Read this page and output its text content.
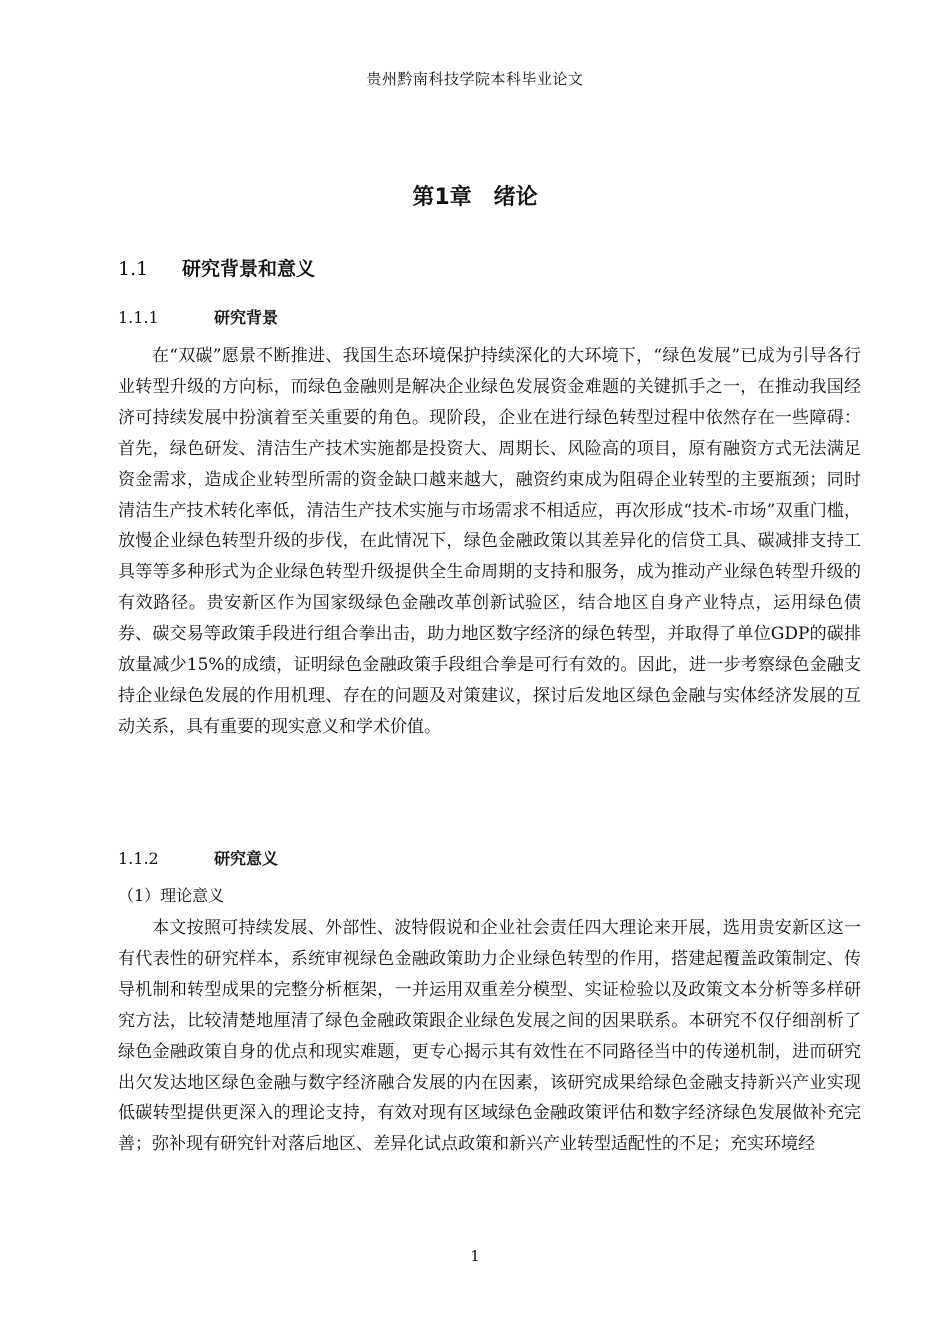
贵州黔南科技学院本科毕业论文
第1章　绪论
1.1 研究背景和意义
1.1.1	研究背景

在“双碳”愿景不断推进、我国生态环境保护持续深化的大环境下，“绿色发展”已成为引导各行业转型升级的方向标，而绿色金融则是解决企业绿色发展资金难题的关键抓手之一，在推动我国经济可持续发展中扮演着至关重要的角色。现阶段，企业在进行绿色转型过程中依然存在一些障碍：首先，绿色研发、清洁生产技术实施都是投资大、周期长、风险高的项目，原有融资方式无法满足资金需求，造成企业转型所需的资金缺口越来越大，融资约束成为阻碍企业转型的主要瓶颈；同时清洁生产技术转化率低，清洁生产技术实施与市场需求不相适应，再次形成“技术-市场”双重门槛，放慢企业绿色转型升级的步伐，在此情况下，绿色金融政策以其差异化的信贷工具、碳减排支持工具等等多种形式为企业绿色转型升级提供全生命周期的支持和服务，成为推动产业绿色转型升级的有效路径。贵安新区作为国家级绿色金融改革创新试验区，结合地区自身产业特点，运用绿色债券、碳交易等政策手段进行组合拳出击，助力地区数字经济的绿色转型，并取得了单位GDP的碳排放量减少15%的成绩，证明绿色金融政策手段组合拳是可行有效的。因此，进一步考察绿色金融支持企业绿色发展的作用机理、存在的问题及对策建议，探讨后发地区绿色金融与实体经济发展的互动关系，具有重要的现实意义和学术价值。

1.1.2	研究意义
（1）理论意义

本文按照可持续发展、外部性、波特假说和企业社会责任四大理论来开展，选用贵安新区这一有代表性的研究样本，系统审视绿色金融政策助力企业绿色转型的作用，搭建起覆盖政策制定、传导机制和转型成果的完整分析框架，一并运用双重差分模型、实证检验以及政策文本分析等多样研究方法，比较清楚地厘清了绿色金融政策跟企业绿色发展之间的因果联系。本研究不仅仔细剖析了绿色金融政策自身的优点和现实难题，更专心揭示其有效性在不同路径当中的传递机制，进而研究出欠发达地区绿色金融与数字经济融合发展的内在因素，该研究成果给绿色金融支持新兴产业实现低碳转型提供更深入的理论支持，有效对现有区域绿色金融政策评估和数字经济绿色发展做补充完善；弥补现有研究针对落后地区、差异化试点政策和新兴产业转型适配性的不足；充实环境经

1
